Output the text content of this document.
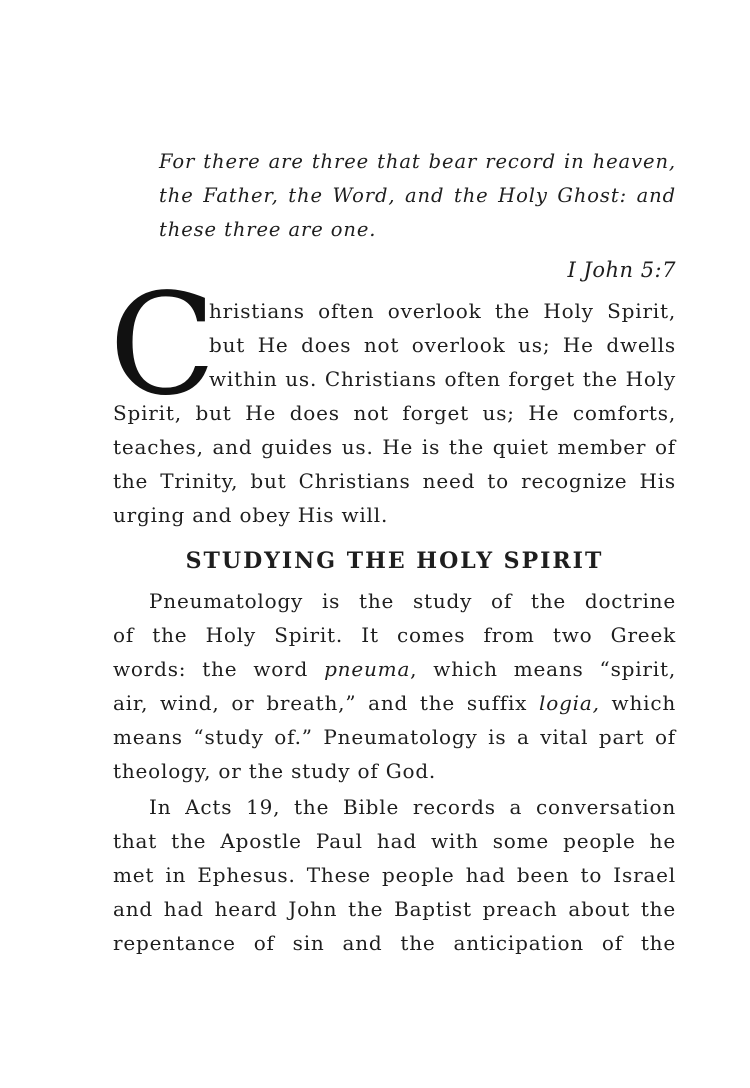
For there are three that bear record in heaven,
the Father, the Word, and the Holy Ghost: and
these three are one.
I John 5:7
C
hristians often overlook the Holy Spirit,
but He does not overlook us; He dwells
within us. Christians often forget the Holy
Spirit, but He does not forget us; He comforts,
teaches, and guides us. He is the quiet member of
the Trinity, but Christians need to recognize His
urging and obey His will.
STUDYING THE HOLY SPIRIT
Pneumatology is the study of the doctrine
of the Holy Spirit. It comes from two Greek
words: the word pneuma, which means “spirit,
air, wind, or breath,” and the suffix logia, which
means “study of.” Pneumatology is a vital part of
theology, or the study of God.
In Acts 19, the Bible records a conversation
that the Apostle Paul had with some people he
met in Ephesus. These people had been to Israel
and had heard John the Baptist preach about the
repentance of sin and the anticipation of the
